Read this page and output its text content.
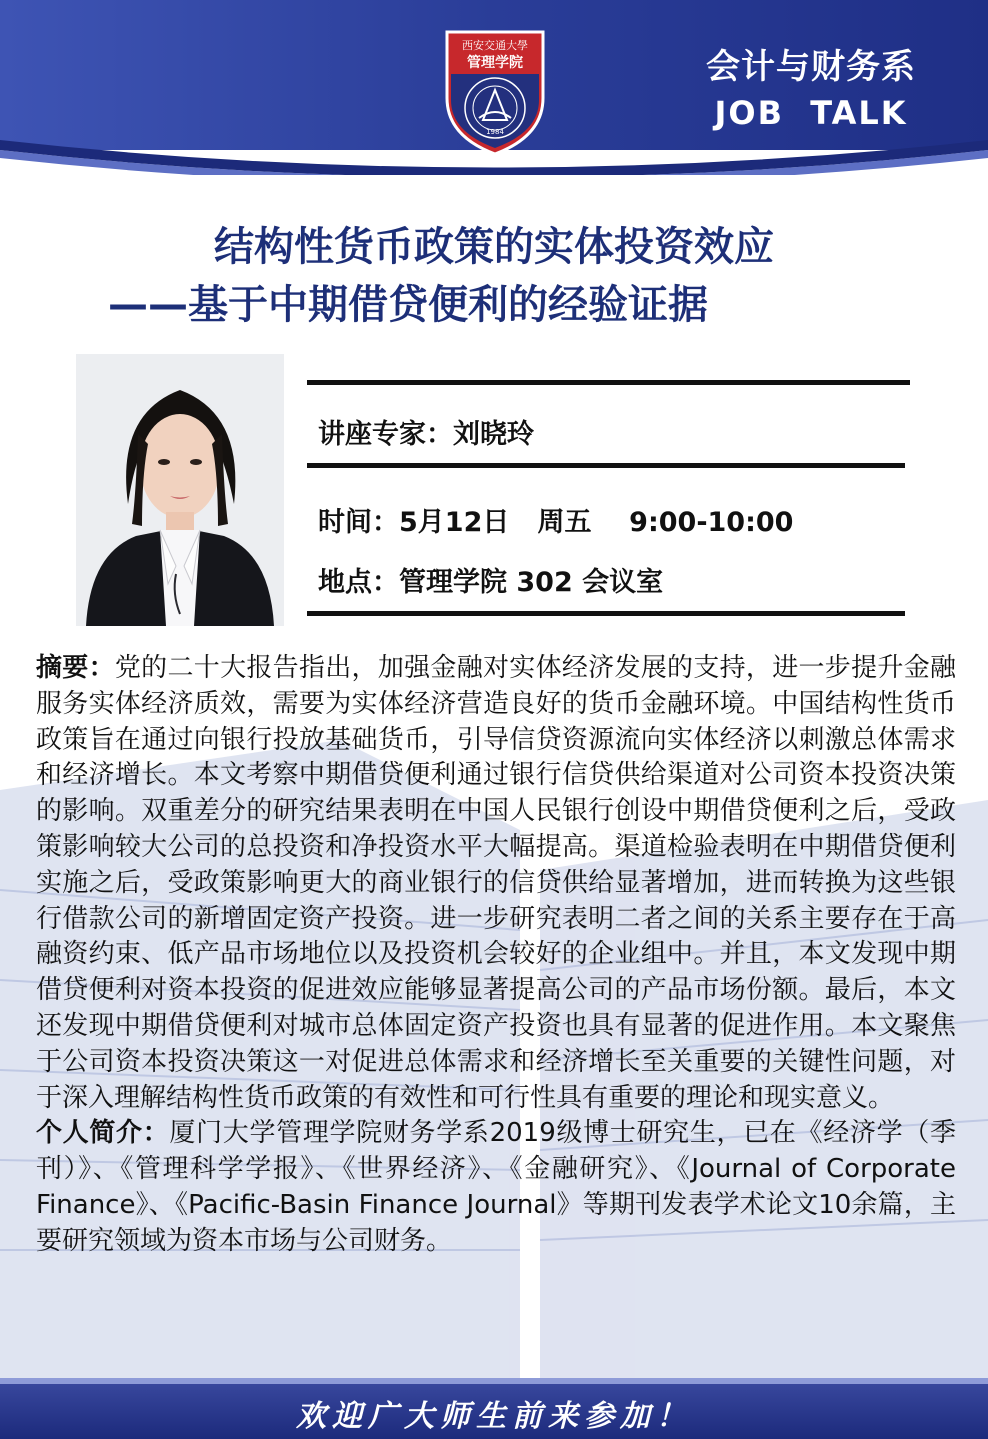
西安交通大學
管理学院
1984
会计与财务系
JOB  TALK
结构性货币政策的实体投资效应
——基于中期借贷便利的经验证据
讲座专家：刘晓玲
时间：5月12日   周五    9:00-10:00
地点：管理学院 302 会议室

摘要：党的二十大报告指出，加强金融对实体经济发展的支持，进一步提升金融服务实体经济质效，需要为实体经济营造良好的货币金融环境。中国结构性货币政策旨在通过向银行投放基础货币，引导信贷资源流向实体经济以刺激总体需求和经济增长。本文考察中期借贷便利通过银行信贷供给渠道对公司资本投资决策的影响。双重差分的研究结果表明在中国人民银行创设中期借贷便利之后，受政策影响较大公司的总投资和净投资水平大幅提高。渠道检验表明在中期借贷便利实施之后，受政策影响更大的商业银行的信贷供给显著增加，进而转换为这些银行借款公司的新增固定资产投资。进一步研究表明二者之间的关系主要存在于高融资约束、低产品市场地位以及投资机会较好的企业组中。并且，本文发现中期借贷便利对资本投资的促进效应能够显著提高公司的产品市场份额。最后，本文还发现中期借贷便利对城市总体固定资产投资也具有显著的促进作用。本文聚焦于公司资本投资决策这一对促进总体需求和经济增长至关重要的关键性问题，对于深入理解结构性货币政策的有效性和可行性具有重要的理论和现实意义。

个人简介：厦门大学管理学院财务学系2019级博士研究生，已在《经济学（季刊）》、《管理科学学报》、《世界经济》、《金融研究》、《Journal of Corporate Finance》、《Pacific-Basin Finance Journal》等期刊发表学术论文10余篇，主要研究领域为资本市场与公司财务。

欢迎广大师生前来参加！
